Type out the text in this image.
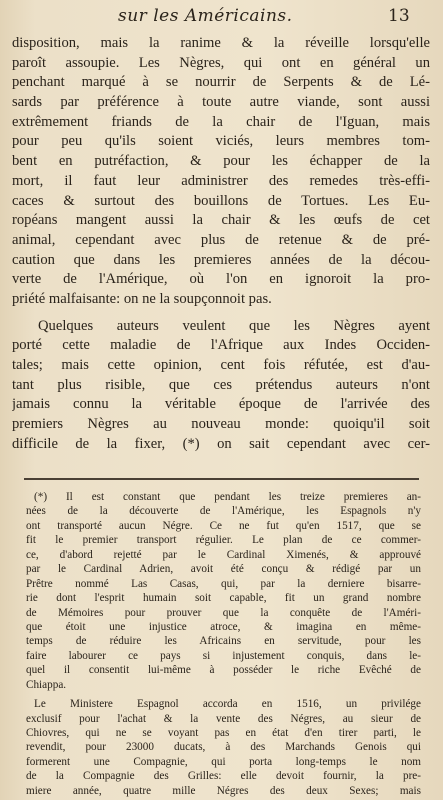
sur les Américains.	13
disposition, mais la ranime & la réveille lorsqu'elle
paroît assoupie. Les Nègres, qui ont en général un
penchant marqué à se nourrir de Serpents & de Lé-
sards par préférence à toute autre viande, sont aussi
extrêmement friands de la chair de l'Iguan, mais
pour peu qu'ils soient viciés, leurs membres tom-
bent en putréfaction, & pour les échapper de la
mort, il faut leur administrer des remedes très-effi-
caces & surtout des bouillons de Tortues. Les Eu-
ropéans mangent aussi la chair & les œufs de cet
animal, cependant avec plus de retenue & de pré-
caution que dans les premieres années de la décou-
verte de l'Amérique, où l'on en ignoroit la pro-
priété malfaisante: on ne la soupçonnoit pas.
Quelques auteurs veulent que les Nègres ayent
porté cette maladie de l'Afrique aux Indes Occiden-
tales; mais cette opinion, cent fois réfutée, est d'au-
tant plus risible, que ces prétendus auteurs n'ont
jamais connu la véritable époque de l'arrivée des
premiers Nègres au nouveau monde: quoiqu'il soit
difficile de la fixer, (*) on sait cependant avec cer-
(*) Il est constant que pendant les treize premieres an-
nées de la découverte de l'Amérique, les Espagnols n'y
ont transporté aucun Négre. Ce ne fut qu'en 1517, que se
fit le premier transport régulier. Le plan de ce commer-
ce, d'abord rejetté par le Cardinal Ximenés, & approuvé
par le Cardinal Adrien, avoit été conçu & rédigé par un
Prêtre nommé Las Casas, qui, par la derniere bisarre-
rie dont l'esprit humain soit capable, fit un grand nombre
de Mémoires pour prouver que la conquête de l'Améri-
que étoit une injustice atroce, & imagina en même-
temps de réduire les Africains en servitude, pour les
faire labourer ce pays si injustement conquis, dans le-
quel il consentit lui-même à posséder le riche Evêché de
Chiappa.
Le Ministere Espagnol accorda en 1516, un privilége
exclusif pour l'achat & la vente des Négres, au sieur de
Chiovres, qui ne se voyant pas en état d'en tirer parti, le
revendit, pour 23000 ducats, à des Marchands Genois qui
formerent une Compagnie, qui porta long-temps le nom
de la Compagnie des Grilles: elle devoit fournir, la pre-
miere année, quatre mille Négres des deux Sexes; mais
